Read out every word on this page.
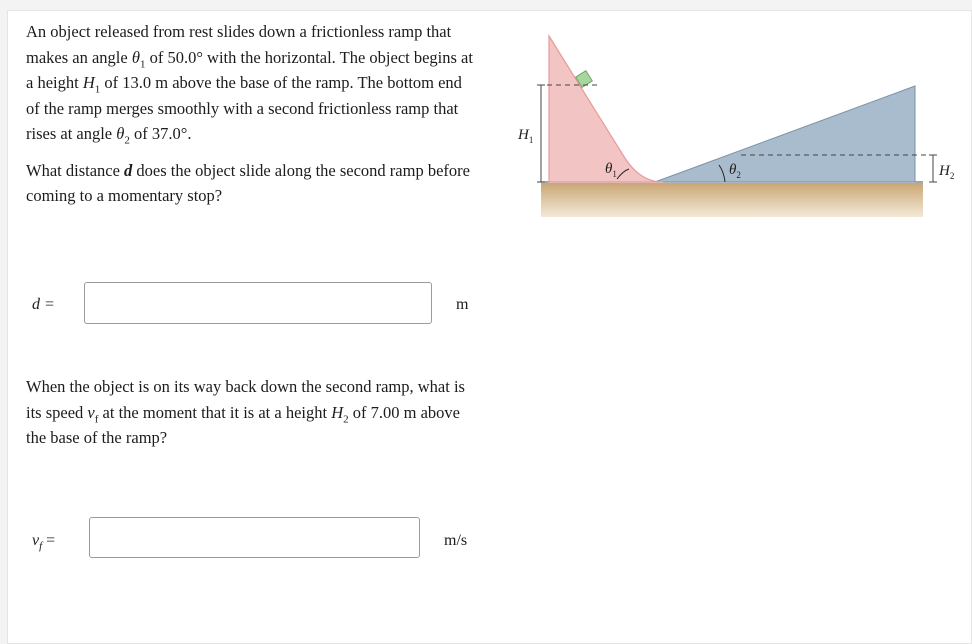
An object released from rest slides down a frictionless ramp that makes an angle $\theta_1$ of 50.0° with the horizontal. The object begins at a height $H_1$ of 13.0 m above the base of the ramp. The bottom end of the ramp merges smoothly with a second frictionless ramp that rises at angle $\theta_2$ of 37.0°.

What distance d does the object slide along the second ramp before coming to a momentary stop?

d =	m
When the object is on its way back down the second ramp, what is its speed $v_f$ at the moment that it is at a height $H_2$ of 7.00 m above the base of the ramp?
$v_f$ =	m/s
$H_1$
$\theta_1$	$\theta_2$	$H_2$
